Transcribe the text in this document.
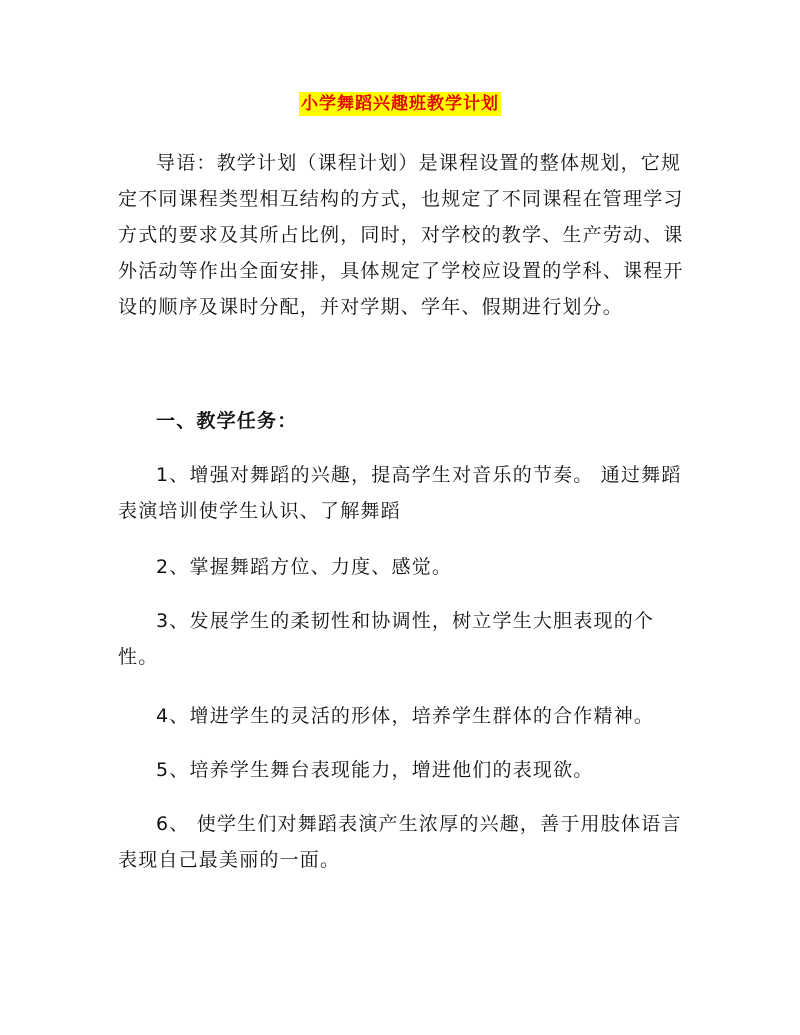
小学舞蹈兴趣班教学计划

导语：教学计划（课程计划）是课程设置的整体规划，它规定不同课程类型相互结构的方式，也规定了不同课程在管理学习方式的要求及其所占比例，同时，对学校的教学、生产劳动、课外活动等作出全面安排，具体规定了学校应设置的学科、课程开设的顺序及课时分配，并对学期、学年、假期进行划分。

一、教学任务：

1、增强对舞蹈的兴趣，提高学生对音乐的节奏。 通过舞蹈表演培训使学生认识、了解舞蹈

2、掌握舞蹈方位、力度、感觉。

3、发展学生的柔韧性和协调性，树立学生大胆表现的个性。

4、增进学生的灵活的形体，培养学生群体的合作精神。

5、培养学生舞台表现能力，增进他们的表现欲。

6、 使学生们对舞蹈表演产生浓厚的兴趣，善于用肢体语言表现自己最美丽的一面。
